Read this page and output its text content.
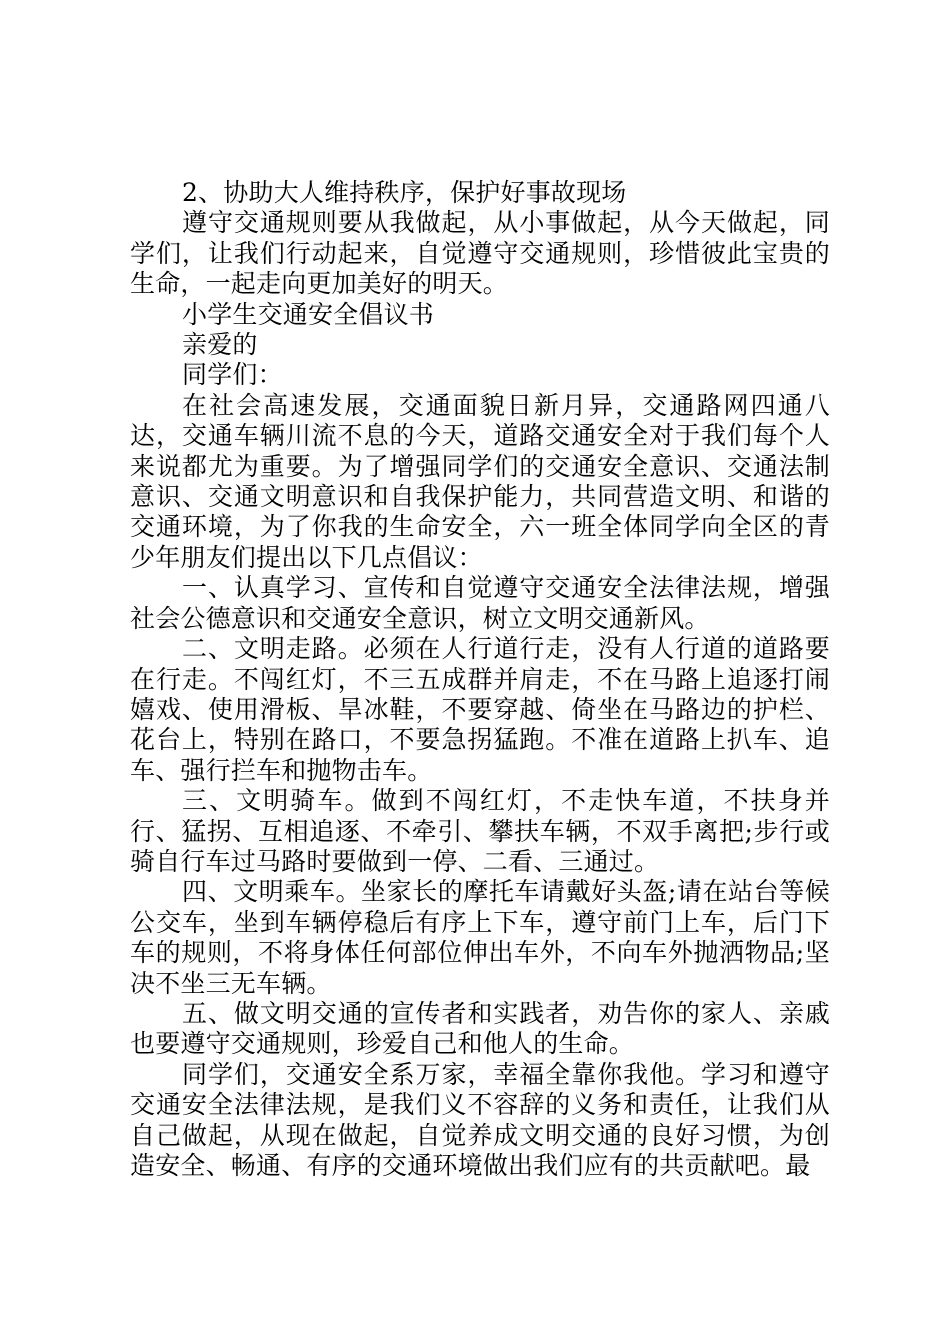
2、协助大人维持秩序，保护好事故现场

遵守交通规则要从我做起，从小事做起，从今天做起，同学们，让我们行动起来，自觉遵守交通规则，珍惜彼此宝贵的生命，一起走向更加美好的明天。

小学生交通安全倡议书

亲爱的

同学们：

在社会高速发展，交通面貌日新月异，交通路网四通八达，交通车辆川流不息的今天，道路交通安全对于我们每个人来说都尤为重要。为了增强同学们的交通安全意识、交通法制意识、交通文明意识和自我保护能力，共同营造文明、和谐的交通环境，为了你我的生命安全，六一班全体同学向全区的青少年朋友们提出以下几点倡议：

一、认真学习、宣传和自觉遵守交通安全法律法规，增强社会公德意识和交通安全意识，树立文明交通新风。

二、文明走路。必须在人行道行走，没有人行道的道路要在行走。不闯红灯，不三五成群并肩走，不在马路上追逐打闹嬉戏、使用滑板、旱冰鞋，不要穿越、倚坐在马路边的护栏、花台上，特别在路口，不要急拐猛跑。不准在道路上扒车、追车、强行拦车和抛物击车。

三、文明骑车。做到不闯红灯，不走快车道，不扶身并行、猛拐、互相追逐、不牵引、攀扶车辆，不双手离把;步行或骑自行车过马路时要做到一停、二看、三通过。

四、文明乘车。坐家长的摩托车请戴好头盔;请在站台等候公交车，坐到车辆停稳后有序上下车，遵守前门上车，后门下车的规则，不将身体任何部位伸出车外，不向车外抛洒物品;坚决不坐三无车辆。

五、做文明交通的宣传者和实践者，劝告你的家人、亲戚也要遵守交通规则，珍爱自己和他人的生命。

同学们，交通安全系万家，幸福全靠你我他。学习和遵守交通安全法律法规，是我们义不容辞的义务和责任，让我们从自己做起，从现在做起，自觉养成文明交通的良好习惯，为创造安全、畅通、有序的交通环境做出我们应有的共贡献吧。最
